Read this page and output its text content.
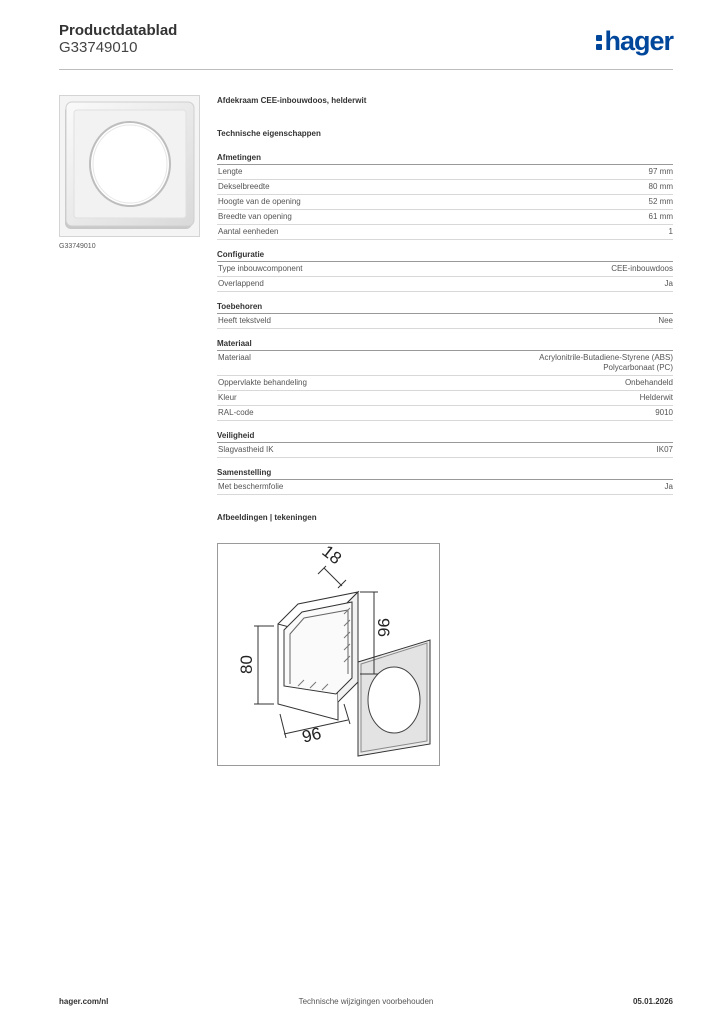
Productdatablad
G33749010	hager
G33749010
Afdekraam CEE-inbouwdoos, helderwit
Technische eigenschappen
Afmetingen
Lengte	97 mm
Dekselbreedte	80 mm
Hoogte van de opening	52 mm
Breedte van opening	61 mm
Aantal eenheden	1
Configuratie
Type inbouwcomponent	CEE-inbouwdoos
Overlappend	Ja
Toebehoren
Heeft tekstveld	Nee
Materiaal
Materiaal	Acrylonitrile-Butadiene-Styrene (ABS)
Polycarbonaat (PC)
Oppervlakte behandeling	Onbehandeld
Kleur	Helderwit
RAL-code	9010
Veiligheid
Slagvastheid IK	IK07
Samenstelling
Met beschermfolie	Ja
Afbeeldingen | tekeningen
18
80
96
96
hager.com/nl	Technische wijzigingen voorbehouden	05.01.2026
